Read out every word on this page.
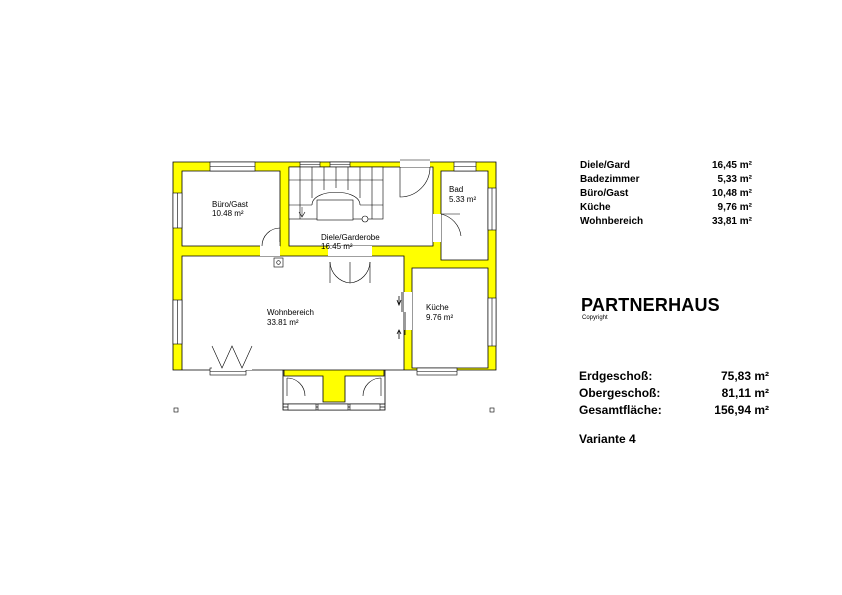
Büro/Gast
10.48 m²
Diele/Garderobe
16.45 m²
Bad
5.33 m²
Wohnbereich
33.81 m²
Küche
9.76 m²
Diele/Gard	16,45 m²
Badezimmer	5,33 m²
Büro/Gast	10,48 m²
Küche	9,76 m²
Wohnbereich	33,81 m²
PARTNERHAUS
Copyright
Erdgeschoß:	75,83 m²
Obergeschoß:	81,11 m²
Gesamtfläche:	156,94 m²
Variante 4
